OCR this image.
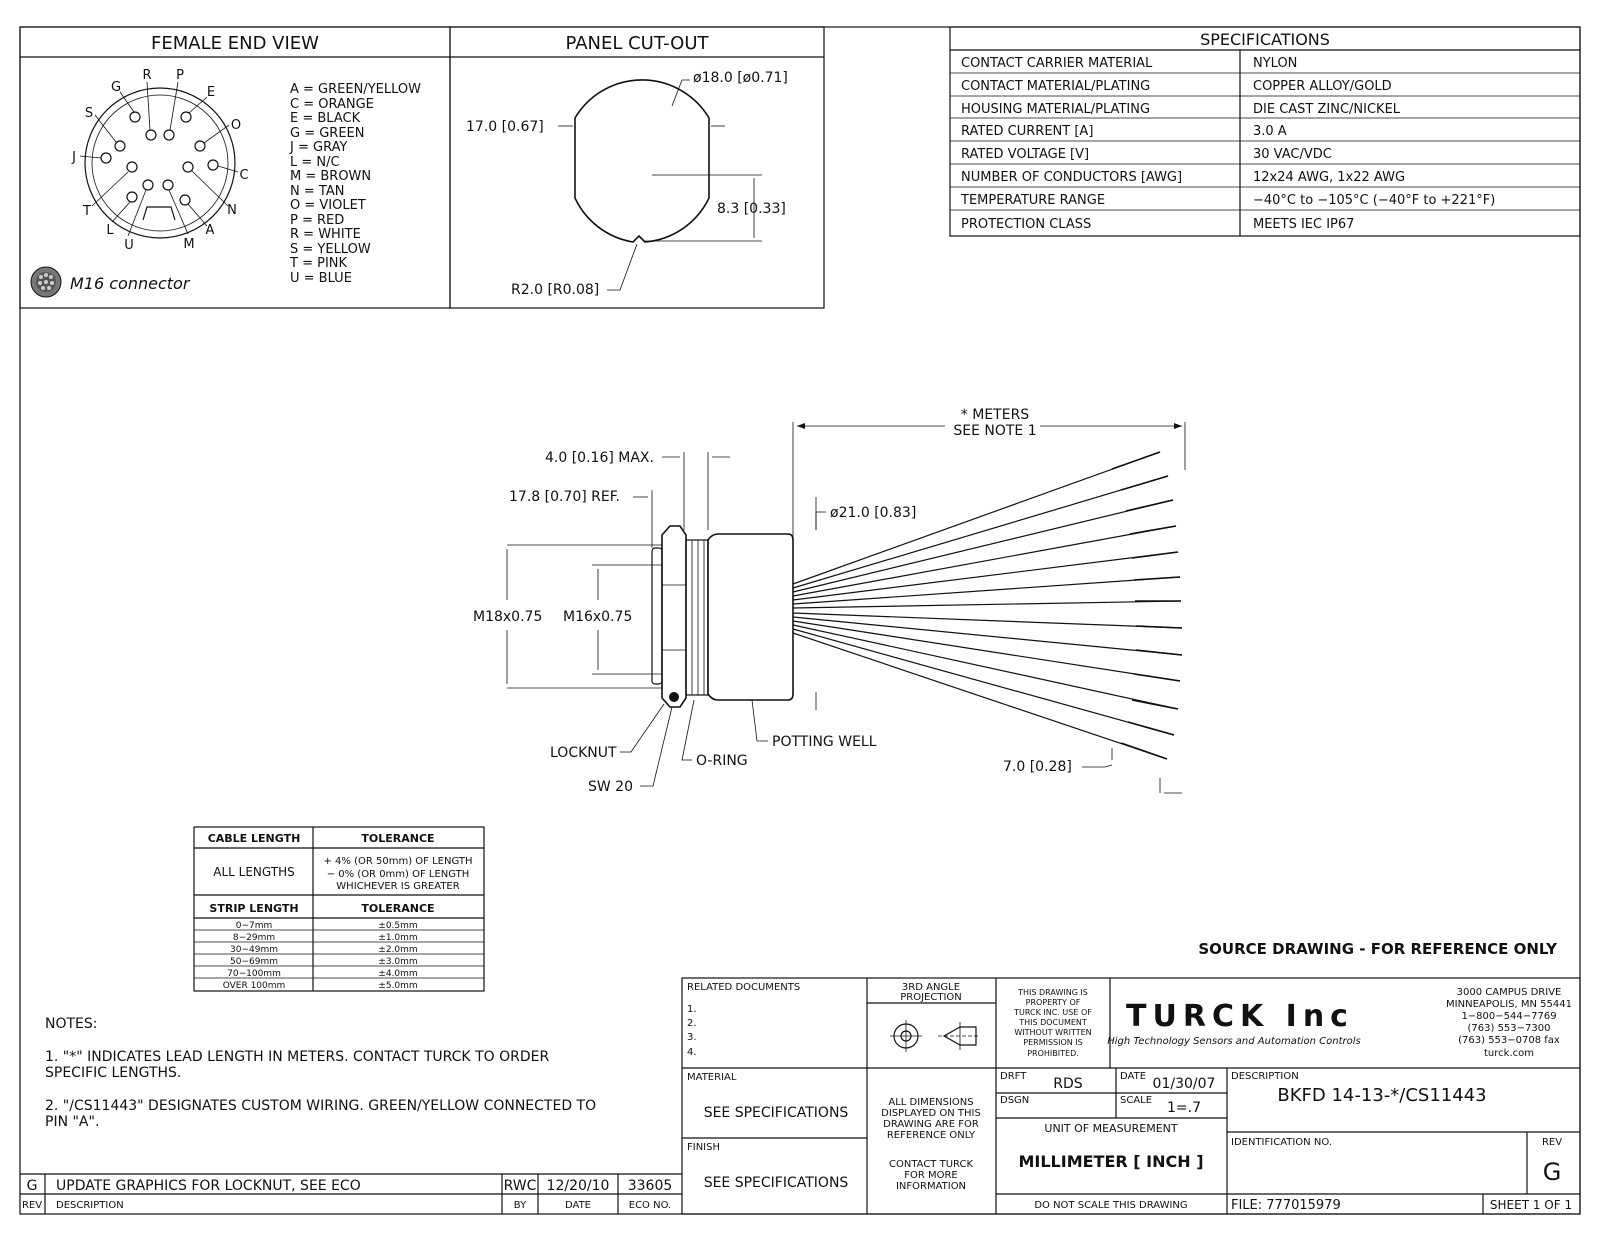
FEMALE END VIEW
G
R P
E
S
O
J
C
T	N
L	A
U	M
A = GREEN/YELLOW
C = ORANGE
E = BLACK
G = GREEN
J = GRAY
L = N/C
M = BROWN
N = TAN
O = VIOLET
P = RED
R = WHITE
S = YELLOW
T = PINK
U = BLUE
M16 connector
PANEL CUT-OUT
ø18.0 [ø0.71]
17.0 [0.67]
8.3 [0.33]
R2.0 [R0.08]
SPECIFICATIONS
CONTACT CARRIER MATERIAL	NYLON
CONTACT MATERIAL/PLATING	COPPER ALLOY/GOLD
HOUSING MATERIAL/PLATING	DIE CAST ZINC/NICKEL
RATED CURRENT [A]	3.0 A
RATED VOLTAGE [V]	30 VAC/VDC
NUMBER OF CONDUCTORS [AWG]	12x24 AWG, 1x22 AWG
TEMPERATURE RANGE	−40°C to −105°C (−40°F to +221°F)
PROTECTION CLASS	MEETS IEC IP67
* METERS
SEE NOTE 1
4.0 [0.16] MAX.
17.8 [0.70] REF.
ø21.0 [0.83]
M18x0.75 M16x0.75
7.0 [0.28]
LOCKNUT
SW 20
O-RING
POTTING WELL
CABLE LENGTH	TOLERANCE
ALL LENGTHS
+ 4% (OR 50mm) OF LENGTH
− 0% (OR 0mm) OF LENGTH
WHICHEVER IS GREATER
STRIP LENGTH	TOLERANCE
0−7mm	±0.5mm
8−29mm	±1.0mm
30−49mm	±2.0mm
50−69mm	±3.0mm
70−100mm	±4.0mm
OVER 100mm	±5.0mm
NOTES:
1. "*" INDICATES LEAD LENGTH IN METERS. CONTACT TURCK TO ORDER
SPECIFIC LENGTHS.
2. "/CS11443" DESIGNATES CUSTOM WIRING. GREEN/YELLOW CONNECTED TO
PIN "A".
G UPDATE GRAPHICS FOR LOCKNUT, SEE ECO	RWC 12/20/10 33605
REV DESCRIPTION	BY	DATE	ECO NO.
SOURCE DRAWING - FOR REFERENCE ONLY
RELATED DOCUMENTS
1.
2.
3.
4.
MATERIAL
SEE SPECIFICATIONS
FINISH
SEE SPECIFICATIONS
3RD ANGLE
PROJECTION
ALL DIMENSIONS
DISPLAYED ON THIS
DRAWING ARE FOR
REFERENCE ONLY
CONTACT TURCK
FOR MORE
INFORMATION
THIS DRAWING IS
PROPERTY OF
TURCK INC. USE OF
THIS DOCUMENT
WITHOUT WRITTEN
PERMISSION IS
PROHIBITED.
TURCK Inc
High Technology Sensors and Automation Controls
3000 CAMPUS DRIVE
MINNEAPOLIS, MN 55441
1−800−544−7769
(763) 553−7300
(763) 553−0708 fax
turck.com
DRFT RDS	DATE 01/30/07
DSGN	SCALE 1=.7
UNIT OF MEASUREMENT
MILLIMETER [ INCH ]
DO NOT SCALE THIS DRAWING
DESCRIPTION
BKFD 14-13-*/CS11443
IDENTIFICATION NO.	REV
G
FILE: 777015979	SHEET 1 OF 1
